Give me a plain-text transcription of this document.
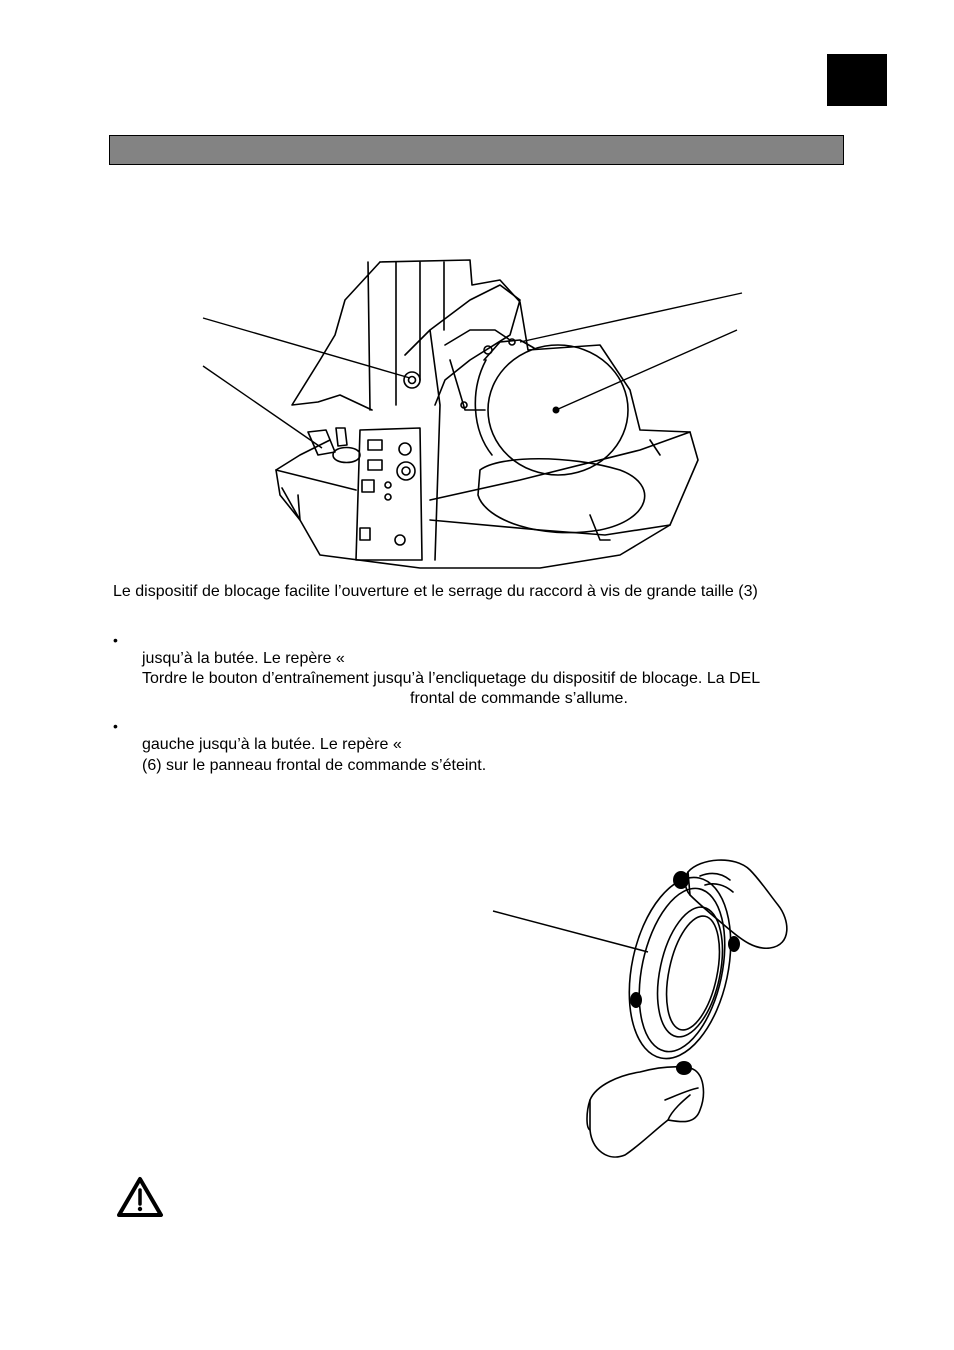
Le dispositif de blocage facilite l’ouverture et le serrage du raccord à vis de grande taille (3)
•
jusqu’à la butée. Le repère «
Tordre le bouton d’entraînement jusqu’à l’encliquetage du dispositif de blocage. La DEL
frontal de commande s’allume.
•
gauche jusqu’à la butée. Le repère «
(6) sur le panneau frontal de commande s’éteint.
